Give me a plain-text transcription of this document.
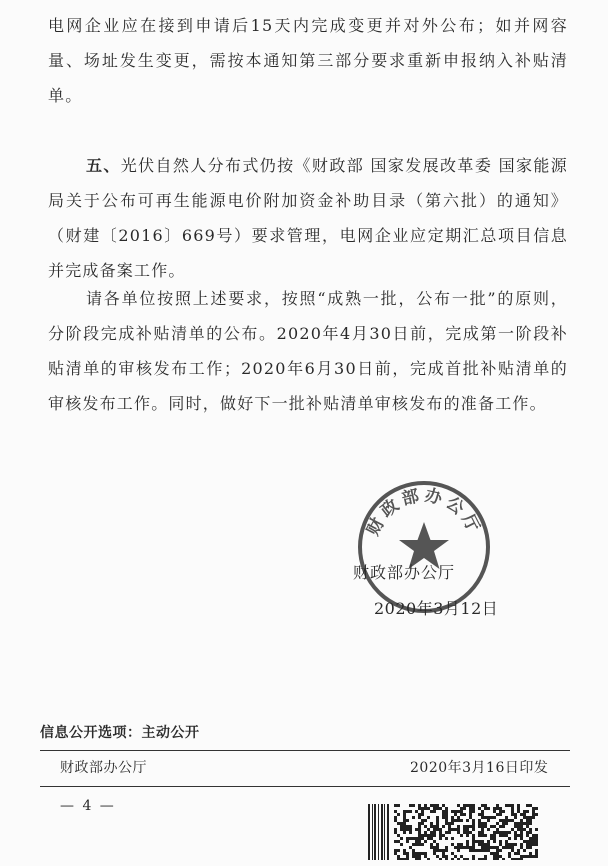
电网企业应在接到申请后15天内完成变更并对外公布；如并网容量、场址发生变更，需按本通知第三部分要求重新申报纳入补贴清单。

五、光伏自然人分布式仍按《财政部 国家发展改革委 国家能源局关于公布可再生能源电价附加资金补助目录（第六批）的通知》（财建〔2016〕669号）要求管理，电网企业应定期汇总项目信息并完成备案工作。

请各单位按照上述要求，按照“成熟一批，公布一批”的原则，分阶段完成补贴清单的公布。2020年4月30日前，完成第一阶段补贴清单的审核发布工作；2020年6月30日前，完成首批补贴清单的审核发布工作。同时，做好下一批补贴清单审核发布的准备工作。

财政部办公厅
财政部办公厅
2020年3月12日
信息公开选项：主动公开
财政部办公厅	2020年3月16日印发
— 4 —
